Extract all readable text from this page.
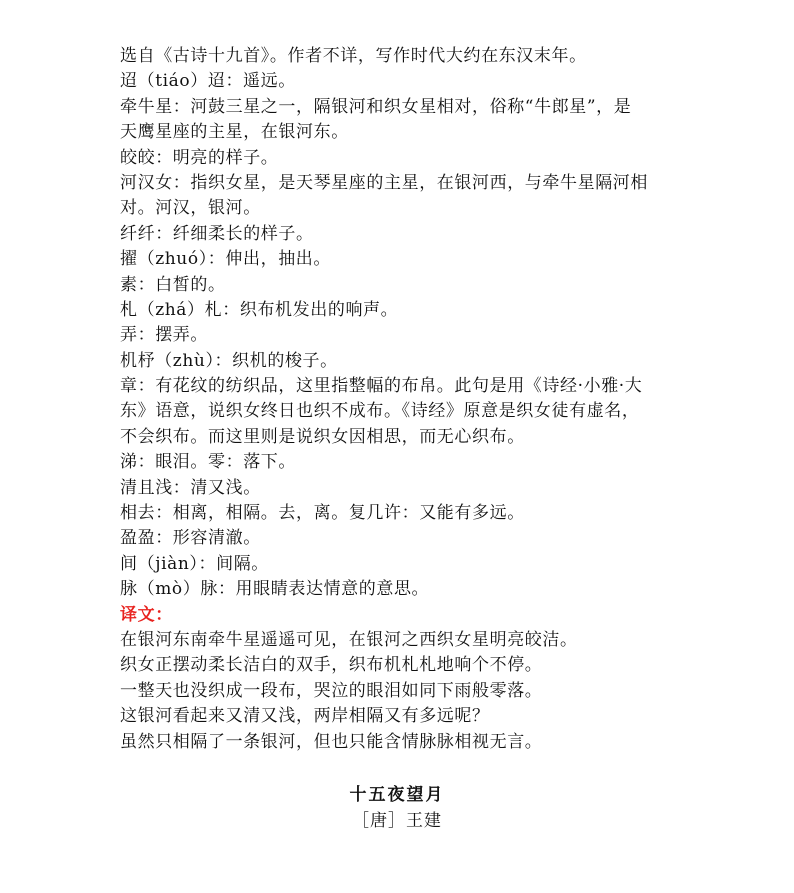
选自《古诗十九首》。作者不详，写作时代大约在东汉末年。
迢（tiáo）迢：遥远。
牵牛星：河鼓三星之一，隔银河和织女星相对，俗称“牛郎星”，是
天鹰星座的主星，在银河东。
皎皎：明亮的样子。
河汉女：指织女星，是天琴星座的主星，在银河西，与牵牛星隔河相
对。河汉，银河。
纤纤：纤细柔长的样子。
擢（zhuó）：伸出，抽出。
素：白皙的。
札（zhá）札：织布机发出的响声。
弄：摆弄。
机杼（zhù）：织机的梭子。
章：有花纹的纺织品，这里指整幅的布帛。此句是用《诗经·小雅·大
东》语意，说织女终日也织不成布。《诗经》原意是织女徒有虚名，
不会织布。而这里则是说织女因相思，而无心织布。
涕：眼泪。零：落下。
清且浅：清又浅。
相去：相离，相隔。去，离。复几许：又能有多远。
盈盈：形容清澈。
间（jiàn）：间隔。
脉（mò）脉：用眼睛表达情意的意思。
译文：
在银河东南牵牛星遥遥可见，在银河之西织女星明亮皎洁。
织女正摆动柔长洁白的双手，织布机札札地响个不停。
一整天也没织成一段布，哭泣的眼泪如同下雨般零落。
这银河看起来又清又浅，两岸相隔又有多远呢？
虽然只相隔了一条银河，但也只能含情脉脉相视无言。
十五夜望月
［唐］王建
